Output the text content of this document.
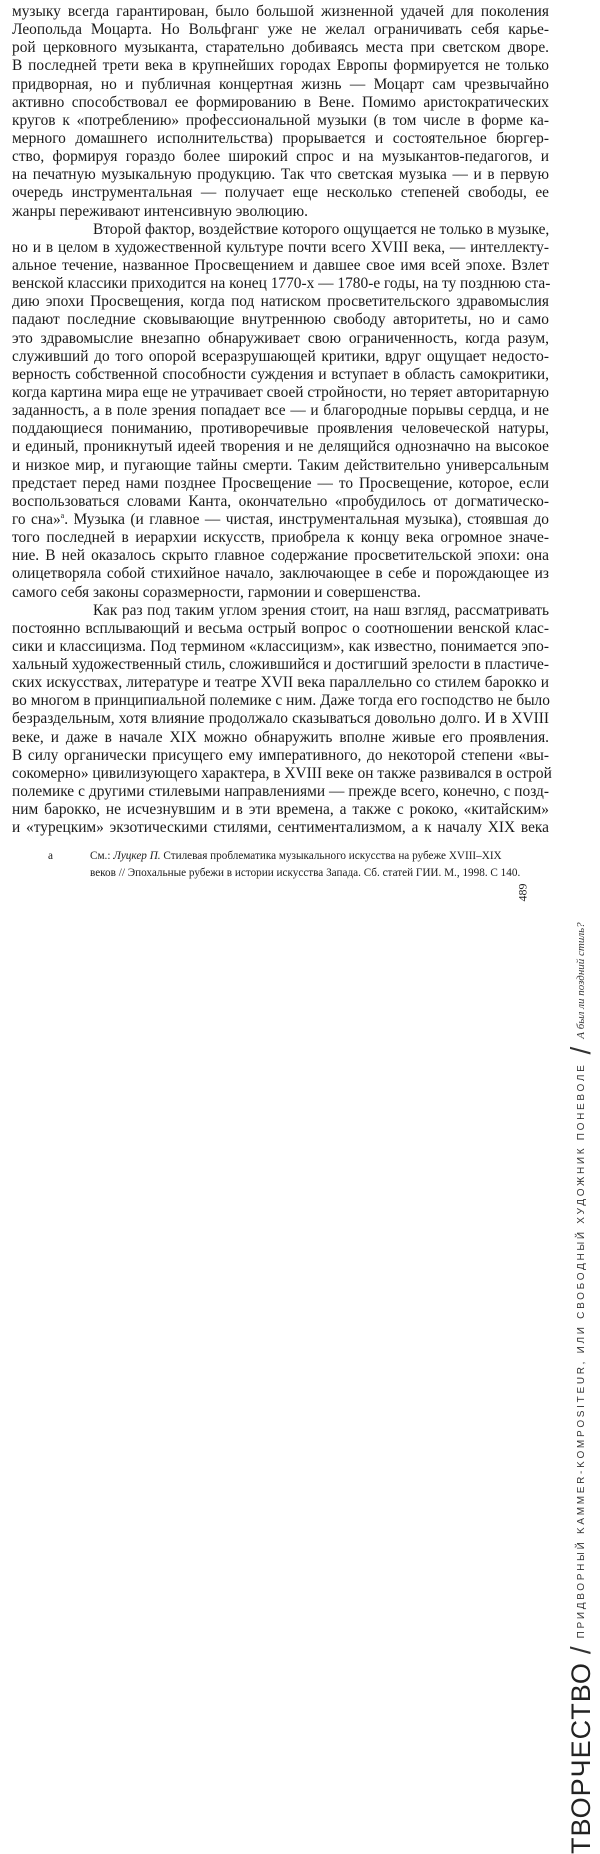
музыку всегда гарантирован, было большой жизненной удачей для поколения
Леопольда Моцарта. Но Вольфганг уже не желал ограничивать себя карье-
рой церковного музыканта, старательно добиваясь места при светском дворе.
В последней трети века в крупнейших городах Европы формируется не только
придворная, но и публичная концертная жизнь — Моцарт сам чрезвычайно
активно способствовал ее формированию в Вене. Помимо аристократических
кругов к «потреблению» профессиональной музыки (в том числе в форме ка-
мерного домашнего исполнительства) прорывается и состоятельное бюргер-
ство, формируя гораздо более широкий спрос и на музыкантов-педагогов, и
на печатную музыкальную продукцию. Так что светская музыка — и в первую
очередь инструментальная — получает еще несколько степеней свободы, ее
жанры переживают интенсивную эволюцию.
Второй фактор, воздействие которого ощущается не только в музыке,
но и в целом в художественной культуре почти всего XVIII века, — интеллекту-
альное течение, названное Просвещением и давшее свое имя всей эпохе. Взлет
венской классики приходится на конец 1770-х — 1780-е годы, на ту позднюю ста-
дию эпохи Просвещения, когда под натиском просветительского здравомыслия
падают последние сковывающие внутреннюю свободу авторитеты, но и само
это здравомыслие внезапно обнаруживает свою ограниченность, когда разум,
служивший до того опорой всеразрушающей критики, вдруг ощущает недосто-
верность собственной способности суждения и вступает в область самокритики,
когда картина мира еще не утрачивает своей стройности, но теряет авторитарную
заданность, а в поле зрения попадает все — и благородные порывы сердца, и не
поддающиеся пониманию, противоречивые проявления человеческой натуры,
и единый, проникнутый идеей творения и не делящийся однозначно на высокое
и низкое мир, и пугающие тайны смерти. Таким действительно универсальным
предстает перед нами позднее Просвещение — то Просвещение, которое, если
воспользоваться словами Канта, окончательно «пробудилось от догматическо-
го сна»$^а$. Музыка (и главное — чистая, инструментальная музыка), стоявшая до
того последней в иерархии искусств, приобрела к концу века огромное значе-
ние. В ней оказалось скрыто главное содержание просветительской эпохи: она
олицетворяла собой стихийное начало, заключающее в себе и порождающее из
самого себя законы соразмерности, гармонии и совершенства.
Как раз под таким углом зрения стоит, на наш взгляд, рассматривать
постоянно всплывающий и весьма острый вопрос о соотношении венской клас-
сики и классицизма. Под термином «классицизм», как известно, понимается эпо-
хальный художественный стиль, сложившийся и достигший зрелости в пластиче-
ских искусствах, литературе и театре XVII века параллельно со стилем барокко и
во многом в принципиальной полемике с ним. Даже тогда его господство не было
безраздельным, хотя влияние продолжало сказываться довольно долго. И в XVIII
веке, и даже в начале XIX можно обнаружить вполне живые его проявления.
В силу органически присущего ему императивного, до некоторой степени «вы-
сокомерно» цивилизующего характера, в XVIII веке он также развивался в острой
полемике с другими стилевыми направлениями — прежде всего, конечно, с позд-
ним барокко, не исчезнувшим и в эти времена, а также с рококо, «китайским»
и «турецким» экзотическими стилями, сентиментализмом, а к началу XIX века
а	См.: Луцкер П. Стилевая проблематика музыкального искусства на рубеже XVIII–XIX
веков // Эпохальные рубежи в истории искусства Запада. Сб. статей ГИИ. М., 1998. С 140.
489
ТВОРЧЕСТВО
/
ПРИДВОРНЫЙ KAMMER-KOMPOSITEUR, ИЛИ СВОБОДНЫЙ ХУДОЖНИК ПОНЕВОЛЕ
/
А был ли поздний стиль?
